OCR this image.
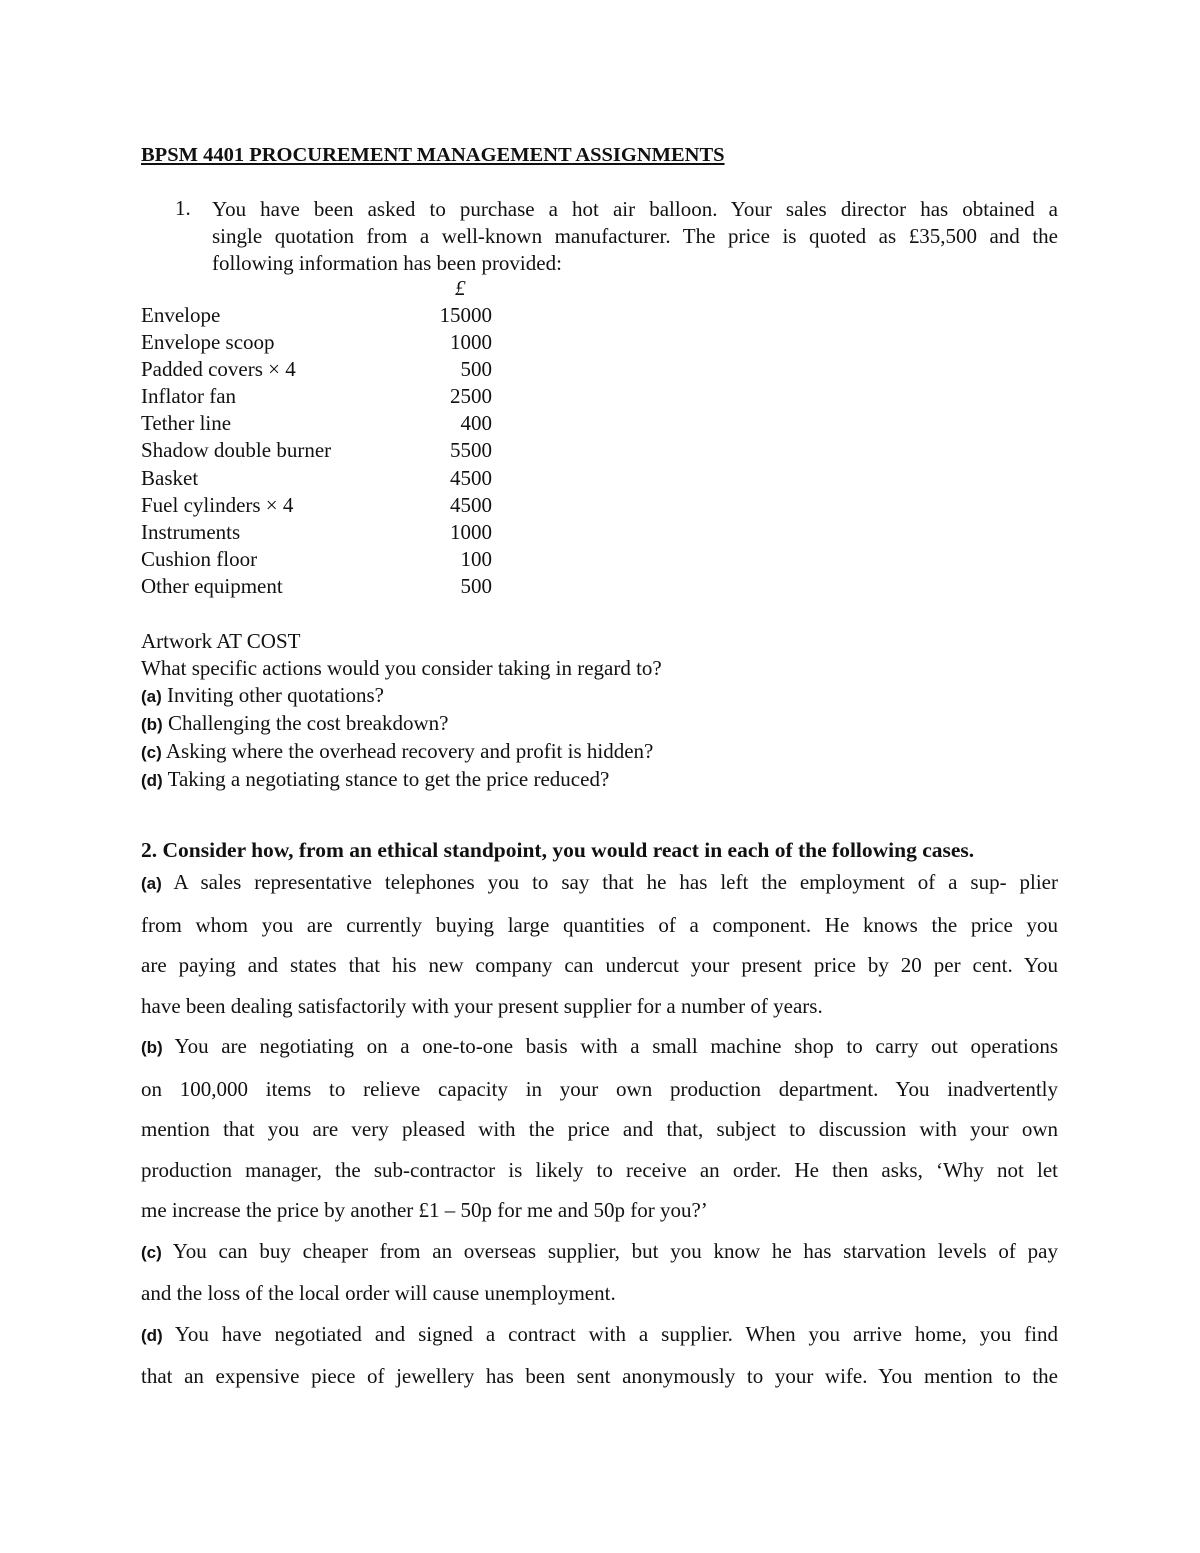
BPSM 4401 PROCUREMENT MANAGEMENT ASSIGNMENTS
1. You have been asked to purchase a hot air balloon. Your sales director has obtained a
single quotation from a well-known manufacturer. The price is quoted as £35,500 and the
following information has been provided:
£
Envelope	15000
Envelope scoop	1000
Padded covers × 4	500
Inflator fan	2500
Tether line	400
Shadow double burner	5500
Basket	4500
Fuel cylinders × 4	4500
Instruments	1000
Cushion floor	100
Other equipment	500
Artwork AT COST
What specific actions would you consider taking in regard to?
(a) Inviting other quotations?
(b) Challenging the cost breakdown?
(c) Asking where the overhead recovery and profit is hidden?
(d) Taking a negotiating stance to get the price reduced?
2. Consider how, from an ethical standpoint, you would react in each of the following cases.
(a) A sales representative telephones you to say that he has left the employment of a sup- plier
from whom you are currently buying large quantities of a component. He knows the price you
are paying and states that his new company can undercut your present price by 20 per cent. You
have been dealing satisfactorily with your present supplier for a number of years.
(b) You are negotiating on a one-to-one basis with a small machine shop to carry out operations
on 100,000 items to relieve capacity in your own production department. You inadvertently
mention that you are very pleased with the price and that, subject to discussion with your own
production manager, the sub-contractor is likely to receive an order. He then asks, ‘Why not let
me increase the price by another £1 – 50p for me and 50p for you?’
(c) You can buy cheaper from an overseas supplier, but you know he has starvation levels of pay
and the loss of the local order will cause unemployment.
(d) You have negotiated and signed a contract with a supplier. When you arrive home, you find
that an expensive piece of jewellery has been sent anonymously to your wife. You mention to the
